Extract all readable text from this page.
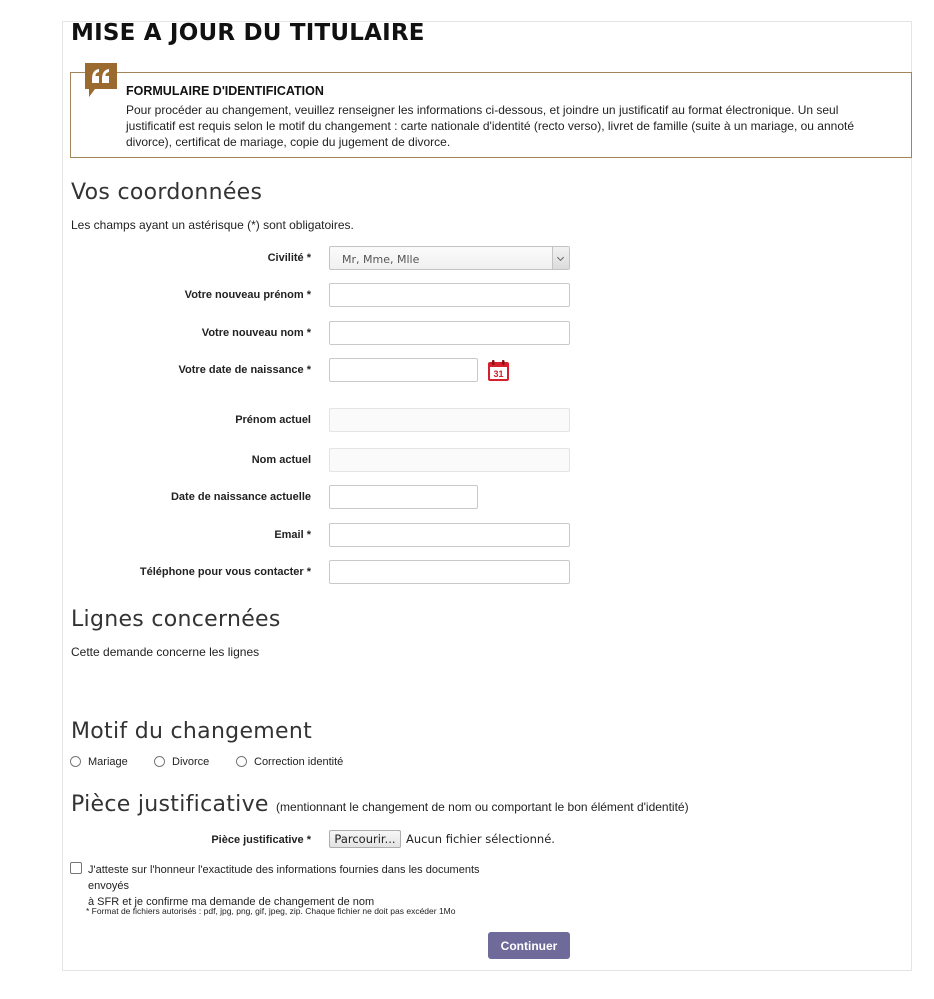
MISE A JOUR DU TITULAIRE
FORMULAIRE D'IDENTIFICATION
Pour procéder au changement, veuillez renseigner les informations ci-dessous, et joindre un justificatif au format électronique. Un seul justificatif est requis selon le motif du changement : carte nationale d'identité (recto verso), livret de famille (suite à un mariage, ou annoté divorce), certificat de mariage, copie du jugement de divorce.
Vos coordonnées
Les champs ayant un astérisque (*) sont obligatoires.
Civilité *	Mr, Mme, Mlle
Votre nouveau prénom *
Votre nouveau nom *
Votre date de naissance *	31
Prénom actuel
Nom actuel
Date de naissance actuelle
Email *
Téléphone pour vous contacter *
Lignes concernées
Cette demande concerne les lignes
Motif du changement
Mariage	Divorce	Correction identité
Pièce justificative (mentionnant le changement de nom ou comportant le bon élément d'identité)
Pièce justificative *	Parcourir... Aucun fichier sélectionné.
J'atteste sur l'honneur l'exactitude des informations fournies dans les documents envoyés
à SFR et je confirme ma demande de changement de nom
* Format de fichiers autorisés : pdf, jpg, png, gif, jpeg, zip. Chaque fichier ne doit pas excéder 1Mo
Continuer
